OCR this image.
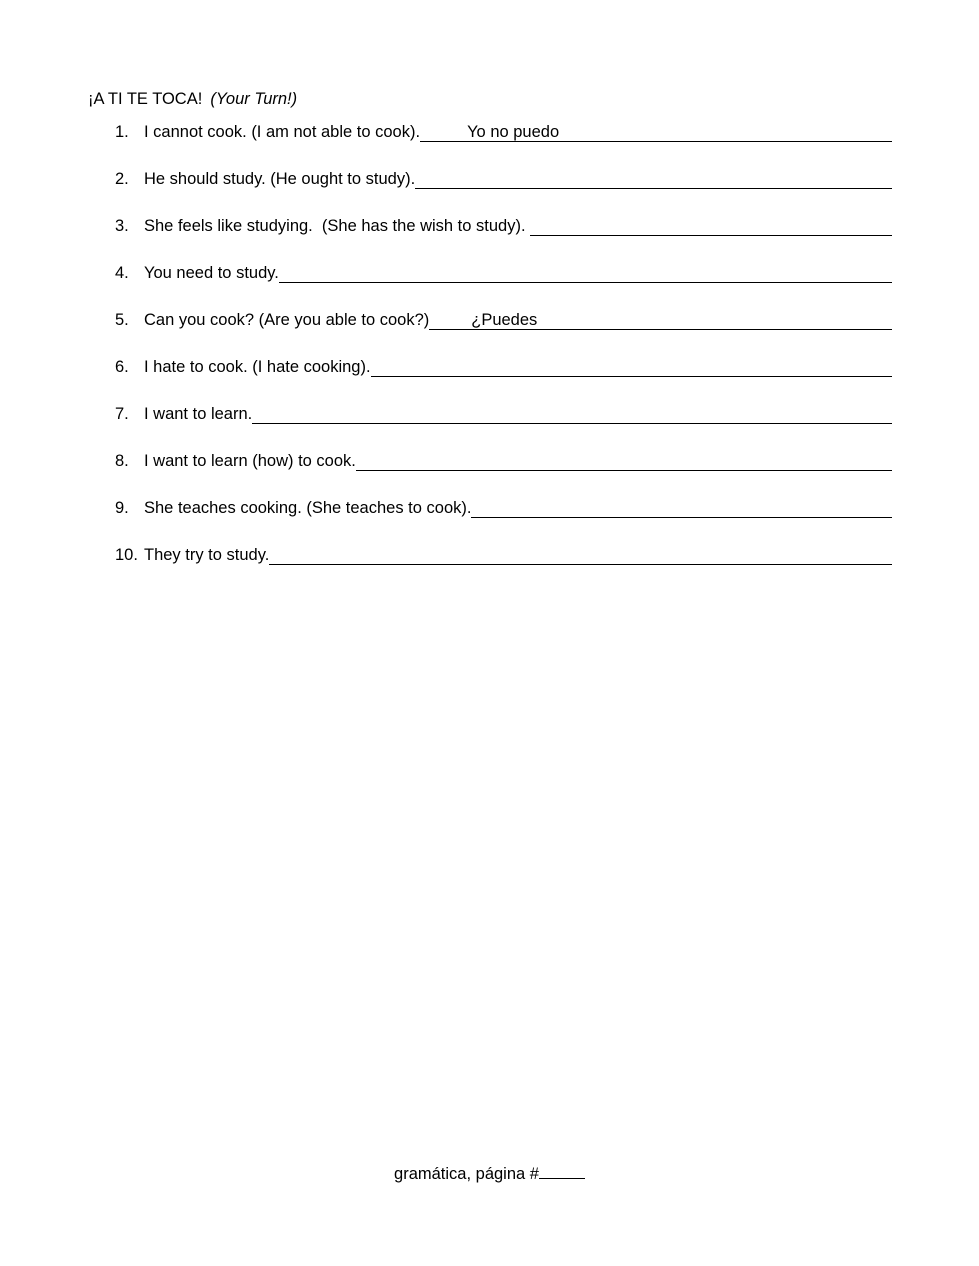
¡A TI TE TOCA! (Your Turn!)
1. I cannot cook. (I am not able to cook).	Yo no puedo
2. He should study. (He ought to study).
3. She feels like studying.  (She has the wish to study).
4. You need to study.
5. Can you cook? (Are you able to cook?)	¿Puedes
6. I hate to cook. (I hate cooking).
7. I want to learn.
8. I want to learn (how) to cook.
9. She teaches cooking. (She teaches to cook).
10. They try to study.
gramática, página #
